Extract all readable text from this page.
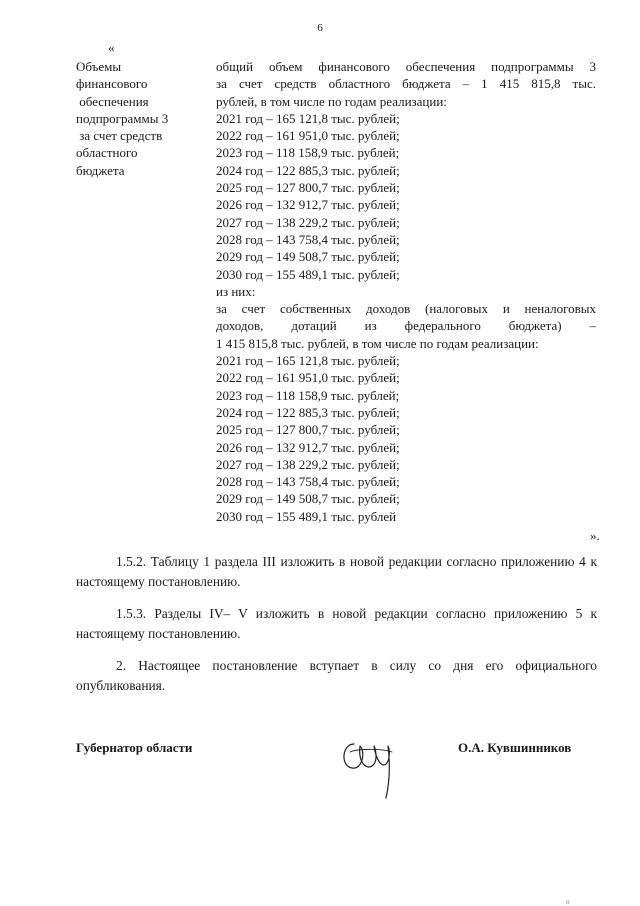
6
«
Объемы
финансового
обеспечения
подпрограммы 3
за счет средств
областного
бюджета
общий объем финансового обеспечения подпрограммы 3
за счет средств областного бюджета – 1 415 815,8 тыс.
рублей, в том числе по годам реализации:
2021 год – 165 121,8 тыс. рублей;
2022 год – 161 951,0 тыс. рублей;
2023 год – 118 158,9 тыс. рублей;
2024 год – 122 885,3 тыс. рублей;
2025 год – 127 800,7 тыс. рублей;
2026 год – 132 912,7 тыс. рублей;
2027 год – 138 229,2 тыс. рублей;
2028 год – 143 758,4 тыс. рублей;
2029 год – 149 508,7 тыс. рублей;
2030 год – 155 489,1 тыс. рублей;
из них:
за счет собственных доходов (налоговых и неналоговых
доходов, дотаций из федерального бюджета) –
1 415 815,8 тыс. рублей, в том числе по годам реализации:
2021 год – 165 121,8 тыс. рублей;
2022 год – 161 951,0 тыс. рублей;
2023 год – 118 158,9 тыс. рублей;
2024 год – 122 885,3 тыс. рублей;
2025 год – 127 800,7 тыс. рублей;
2026 год – 132 912,7 тыс. рублей;
2027 год – 138 229,2 тыс. рублей;
2028 год – 143 758,4 тыс. рублей;
2029 год – 149 508,7 тыс. рублей;
2030 год – 155 489,1 тыс. рублей
».

1.5.2. Таблицу 1 раздела III изложить в новой редакции согласно приложению 4 к настоящему постановлению.

1.5.3. Разделы IV– V изложить в новой редакции согласно приложению 5 к настоящему постановлению.

2. Настоящее постановление вступает в силу со дня его официального опубликования.

Губернатор области	О.А. Кувшинников
п
